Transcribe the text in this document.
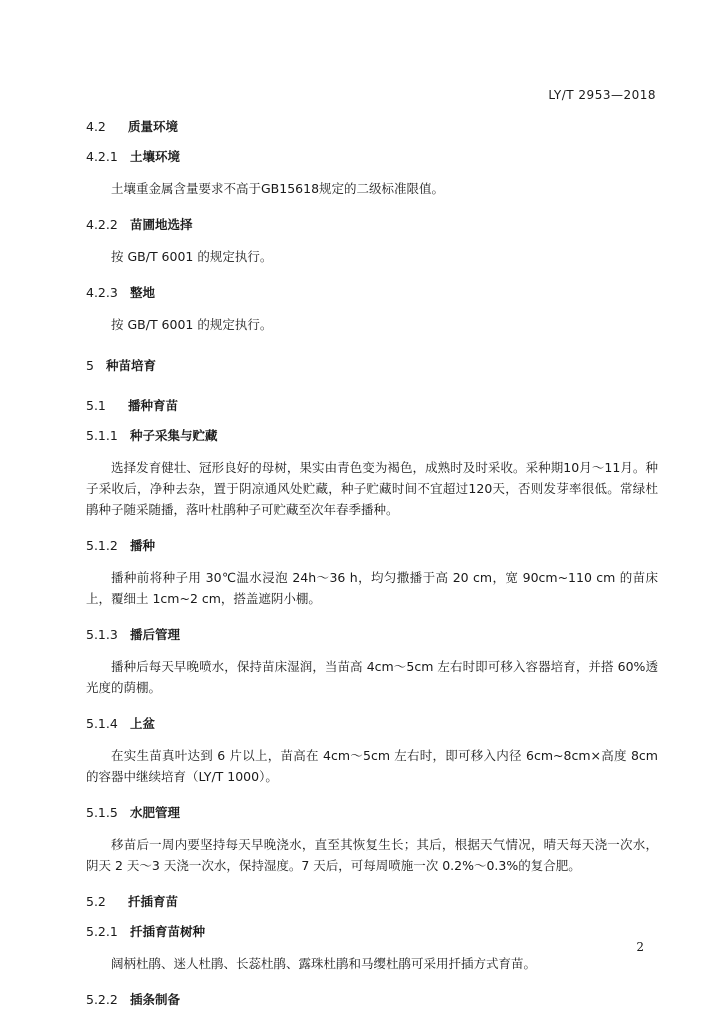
LY/T 2953—2018
4.2 质量环境
4.2.1 土壤环境

土壤重金属含量要求不高于GB15618规定的二级标准限值。

4.2.2 苗圃地选择

按 GB/T 6001 的规定执行。

4.2.3 整地

按 GB/T 6001 的规定执行。

5 种苗培育
5.1 播种育苗
5.1.1 种子采集与贮藏

选择发育健壮、冠形良好的母树，果实由青色变为褐色，成熟时及时采收。采种期10月～11月。种子采收后，净种去杂，置于阴凉通风处贮藏，种子贮藏时间不宜超过120天，否则发芽率很低。常绿杜鹃种子随采随播，落叶杜鹃种子可贮藏至次年春季播种。

5.1.2 播种

播种前将种子用 30℃温水浸泡 24h～36 h，均匀撒播于高 20 cm，宽 90cm~110 cm 的苗床上，覆细土 1cm~2 cm，搭盖遮阴小棚。

5.1.3 播后管理

播种后每天早晚喷水，保持苗床湿润，当苗高 4cm～5cm 左右时即可移入容器培育，并搭 60%透光度的荫棚。

5.1.4 上盆

在实生苗真叶达到 6 片以上，苗高在 4cm～5cm 左右时，即可移入内径 6cm~8cm×高度 8cm 的容器中继续培育（LY/T 1000）。

5.1.5 水肥管理

移苗后一周内要坚持每天早晚浇水，直至其恢复生长；其后，根据天气情况，晴天每天浇一次水，阴天 2 天～3 天浇一次水，保持湿度。7 天后，可每周喷施一次 0.2%～0.3%的复合肥。

5.2 扦插育苗
5.2.1 扦插育苗树种

阔柄杜鹃、迷人杜鹃、长蕊杜鹃、露珠杜鹃和马缨杜鹃可采用扦插方式育苗。

5.2.2 插条制备
2
